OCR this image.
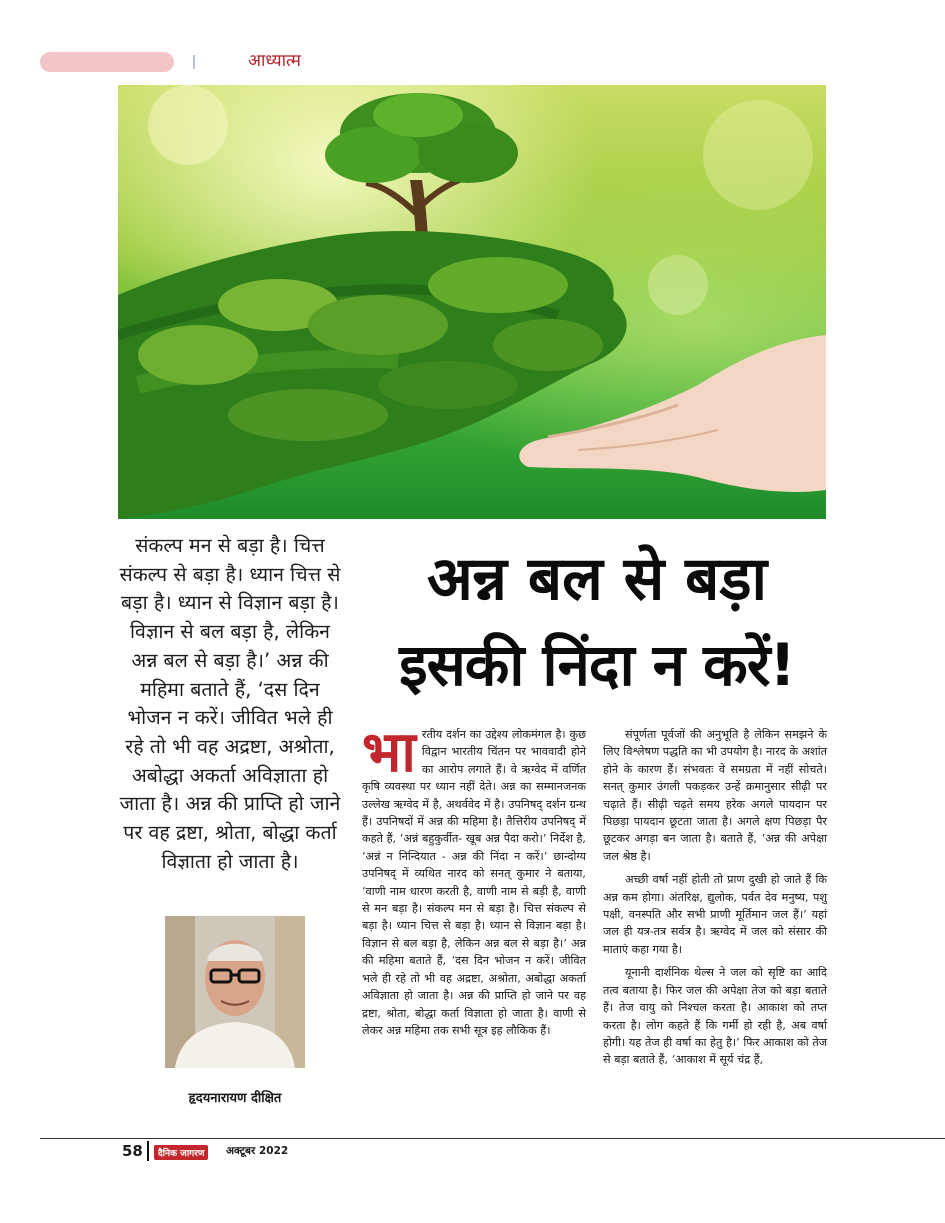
आध्यात्म
संकल्प मन से बड़ा है। चित्त संकल्प से बड़ा है। ध्यान चित्त से बड़ा है। ध्यान से विज्ञान बड़ा है। विज्ञान से बल बड़ा है, लेकिन अन्न बल से बड़ा है।’ अन्न की महिमा बताते हैं, ‘दस दिन भोजन न करें। जीवित भले ही रहे तो भी वह अद्रष्टा, अश्रोता, अबोद्धा अकर्ता अविज्ञाता हो जाता है। अन्न की प्राप्ति हो जाने पर वह द्रष्टा, श्रोता, बोद्धा कर्ता विज्ञाता हो जाता है।
अन्न बल से बड़ा
इसकी निंदा न करें!
हृदयनारायण दीक्षित

भारतीय दर्शन का उद्देश्य लोकमंगल है। कुछ विद्वान भारतीय चिंतन पर भाववादी होने का आरोप लगाते हैं। वे ऋग्वेद में वर्णित कृषि व्यवस्था पर ध्यान नहीं देते। अन्न का सम्मानजनक उल्लेख ऋग्वेद में है, अथर्ववेद में है। उपनिषद् दर्शन ग्रन्थ हैं। उपनिषदों में अन्न की महिमा है। तैत्तिरीय उपनिषद् में कहते हैं, ‘अन्नं बहुकुर्वीत- खूब अन्न पैदा करो।’ निर्देश है, ‘अन्नं न निन्दियात - अन्न की निंदा न करें।’ छान्दोग्य उपनिषद् में व्यथित नारद को सनत् कुमार ने बताया, ‘वाणी नाम धारण करती है, वाणी नाम से बड़ी है, वाणी से मन बड़ा है। संकल्प मन से बड़ा है। चित्त संकल्प से बड़ा है। ध्यान चित्त से बड़ा है। ध्यान से विज्ञान बड़ा है। विज्ञान से बल बड़ा है, लेकिन अन्न बल से बड़ा है।’ अन्न की महिमा बताते हैं, ‘दस दिन भोजन न करें। जीवित भले ही रहे तो भी वह अद्रष्टा, अश्रोता, अबोद्धा अकर्ता अविज्ञाता हो जाता है। अन्न की प्राप्ति हो जाने पर वह द्रष्टा, श्रोता, बोद्धा कर्ता विज्ञाता हो जाता है। वाणी से लेकर अन्न महिमा तक सभी सूत्र इह लौकिक हैं।

संपूर्णता पूर्वजों की अनुभूति है लेकिन समझने के लिए विश्लेषण पद्धति का भी उपयोग है। नारद के अशांत होने के कारण हैं। संभवतः वे समग्रता में नहीं सोचते। सनत् कुमार उंगली पकड़कर उन्हें क्रमानुसार सीढ़ी पर चढ़ाते हैं। सीढ़ी चढ़ते समय हरेक अगले पायदान पर पिछड़ा पायदान छूटता जाता है। अगले क्षण पिछड़ा पैर छूटकर अगड़ा बन जाता है। बताते हैं, ‘अन्न की अपेक्षा जल श्रेष्ठ है।

अच्छी वर्षा नहीं होती तो प्राण दुखी हो जाते हैं कि अन्न कम होगा। अंतरिक्ष, द्युलोक, पर्वत देव मनुष्य, पशु पक्षी, वनस्पति और सभी प्राणी मूर्तिमान जल हैं।’ यहां जल ही यत्र-तत्र सर्वत्र है। ऋग्वेद में जल को संसार की माताएं कहा गया है।

यूनानी दार्शनिक थेल्स ने जल को सृष्टि का आदि तत्व बताया है। फिर जल की अपेक्षा तेज को बड़ा बताते हैं। तेज वायु को निश्चल करता है। आकाश को तप्त करता है। लोग कहते हैं कि गर्मी हो रही है, अब वर्षा होगी। यह तेज ही वर्षा का हेतु है।’ फिर आकाश को तेज से बड़ा बताते हैं, ‘आकाश में सूर्य चंद्र हैं,

58	दैनिक जागरण	अक्टूबर 2022
